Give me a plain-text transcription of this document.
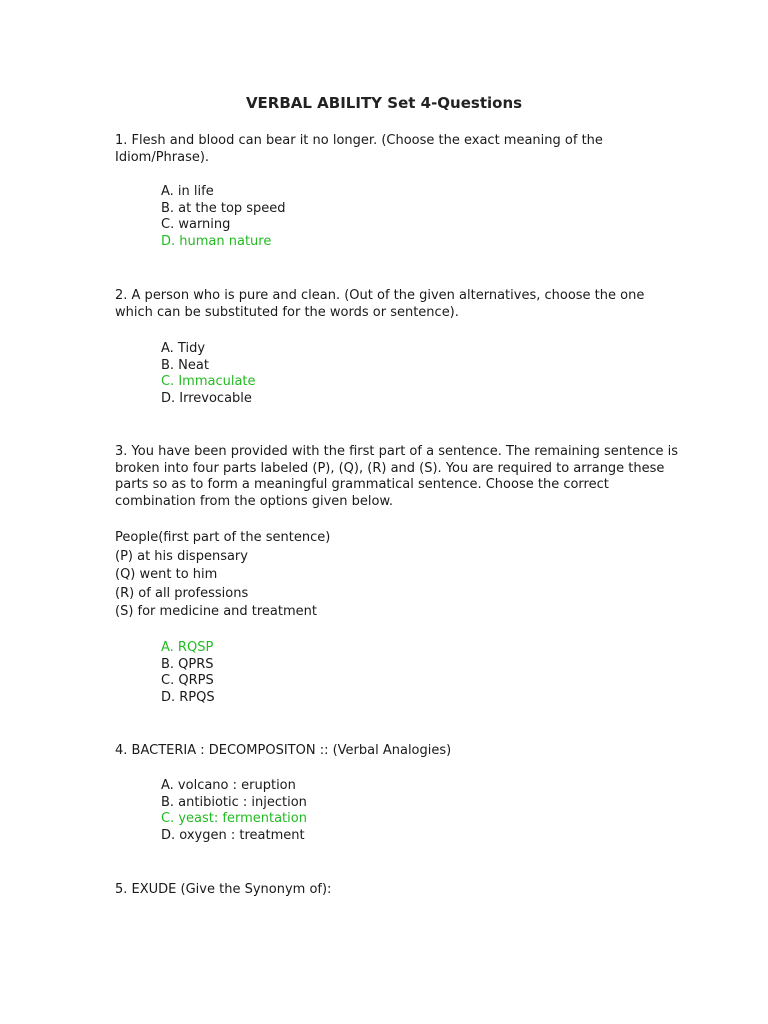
VERBAL ABILITY Set 4-Questions
1. Flesh and blood can bear it no longer. (Choose the exact meaning of the Idiom/Phrase).
A. in life
B. at the top speed
C. warning
D. human nature
2. A person who is pure and clean. (Out of the given alternatives, choose the one which can be substituted for the words or sentence).
A. Tidy
B. Neat
C. Immaculate
D. Irrevocable
3. You have been provided with the first part of a sentence. The remaining sentence is broken into four parts labeled (P), (Q), (R) and (S). You are required to arrange these parts so as to form a meaningful grammatical sentence. Choose the correct combination from the options given below.
People(first part of the sentence)
(P) at his dispensary
(Q) went to him
(R) of all professions
(S) for medicine and treatment
A. RQSP
B. QPRS
C. QRPS
D. RPQS
4. BACTERIA : DECOMPOSITON :: (Verbal Analogies)
A. volcano : eruption
B. antibiotic : injection
C. yeast: fermentation
D. oxygen : treatment
5. EXUDE (Give the Synonym of):
